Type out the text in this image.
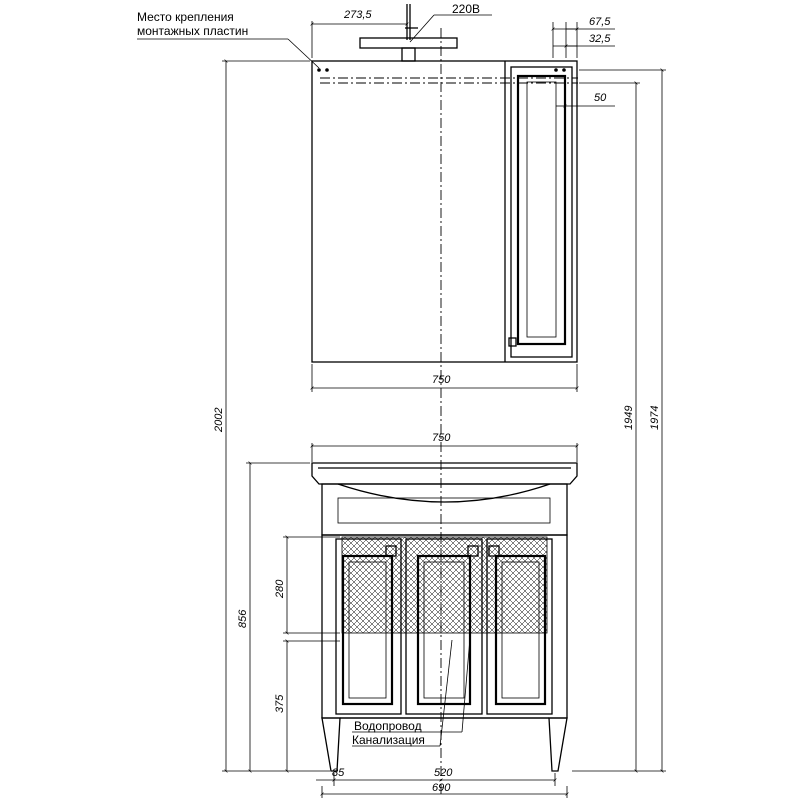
273,5	220В
Место крепления
монтажных пластин
67,5
32,5
50
750
750
Водопровод
Канализация
2002
856
280
375
1949 1974
85	520
690
